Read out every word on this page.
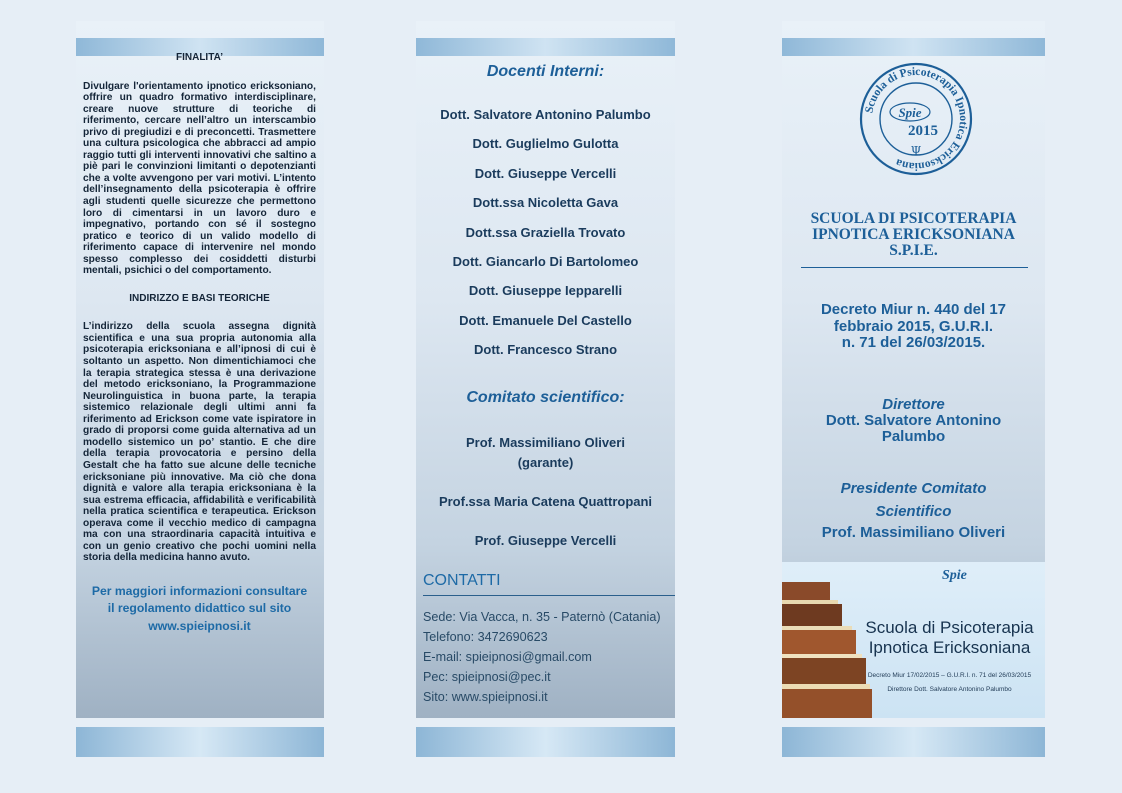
FINALITA’

Divulgare l'orientamento ipnotico ericksoniano, offrire un quadro formativo interdisciplinare, creare nuove strutture di teoriche di riferimento, cercare nell’altro un interscambio privo di pregiudizi e di preconcetti. Trasmettere una cultura psicologica che abbracci ad ampio raggio tutti gli interventi innovativi che saltino a piè pari le convinzioni limitanti o depotenzianti che a volte avvengono per vari motivi. L’intento dell’insegnamento della psicoterapia è offrire agli studenti quelle sicurezze che permettono loro di cimentarsi in un lavoro duro e impegnativo, portando con sé il sostegno pratico e teorico di un valido modello di riferimento capace di intervenire nel mondo spesso complesso dei cosiddetti disturbi mentali, psichici o del comportamento.

INDIRIZZO E BASI TEORICHE

L’indirizzo della scuola assegna dignità scientifica e una sua propria autonomia alla psicoterapia ericksoniana e all’ipnosi di cui è soltanto un aspetto. Non dimentichiamoci che la terapia strategica stessa è una derivazione del metodo ericksoniano, la Programmazione Neurolinguistica in buona parte, la terapia sistemico relazionale degli ultimi anni fa riferimento ad Erickson come vate ispiratore in grado di proporsi come guida alternativa ad un modello sistemico un po’ stantio. E che dire della terapia provocatoria e persino della Gestalt che ha fatto sue alcune delle tecniche ericksoniane più innovative. Ma ciò che dona dignità e valore alla terapia ericksoniana è la sua estrema efficacia, affidabilità e verificabilità nella pratica scientifica e terapeutica. Erickson operava come il vecchio medico di campagna ma con una straordinaria capacità intuitiva e con un genio creativo che pochi uomini nella storia della medicina hanno avuto.

Per maggiori informazioni consultare
il regolamento didattico sul sito
www.spieipnosi.it
Docenti Interni:
Dott. Salvatore Antonino Palumbo
Dott. Guglielmo Gulotta
Dott. Giuseppe Vercelli
Dott.ssa Nicoletta Gava
Dott.ssa Graziella Trovato
Dott. Giancarlo Di Bartolomeo
Dott. Giuseppe Iepparelli
Dott. Emanuele Del Castello
Dott. Francesco Strano
Comitato scientifico:
Prof. Massimiliano Oliveri
(garante)
Prof.ssa Maria Catena Quattropani
Prof. Giuseppe Vercelli
CONTATTI
Sede: Via Vacca, n. 35 - Paternò (Catania)
Telefono: 3472690623
E-mail: spieipnosi@gmail.com
Pec: spieipnosi@pec.it
Sito: www.spieipnosi.it
Scuola di Psicoterapia Ipnotica Ericksoniana
Spie
2015
Ψ
SCUOLA DI PSICOTERAPIA
IPNOTICA ERICKSONIANA
S.P.I.E.
Decreto Miur n. 440 del 17
febbraio 2015, G.U.R.I.
n. 71 del 26/03/2015.
Direttore
Dott. Salvatore Antonino
Palumbo
Presidente Comitato
Scientifico
Prof. Massimiliano Oliveri
Spie
Scuola di Psicoterapia
Ipnotica Ericksoniana
Decreto Miur 17/02/2015 – G.U.R.I. n. 71 del 26/03/2015
Direttore Dott. Salvatore Antonino Palumbo
